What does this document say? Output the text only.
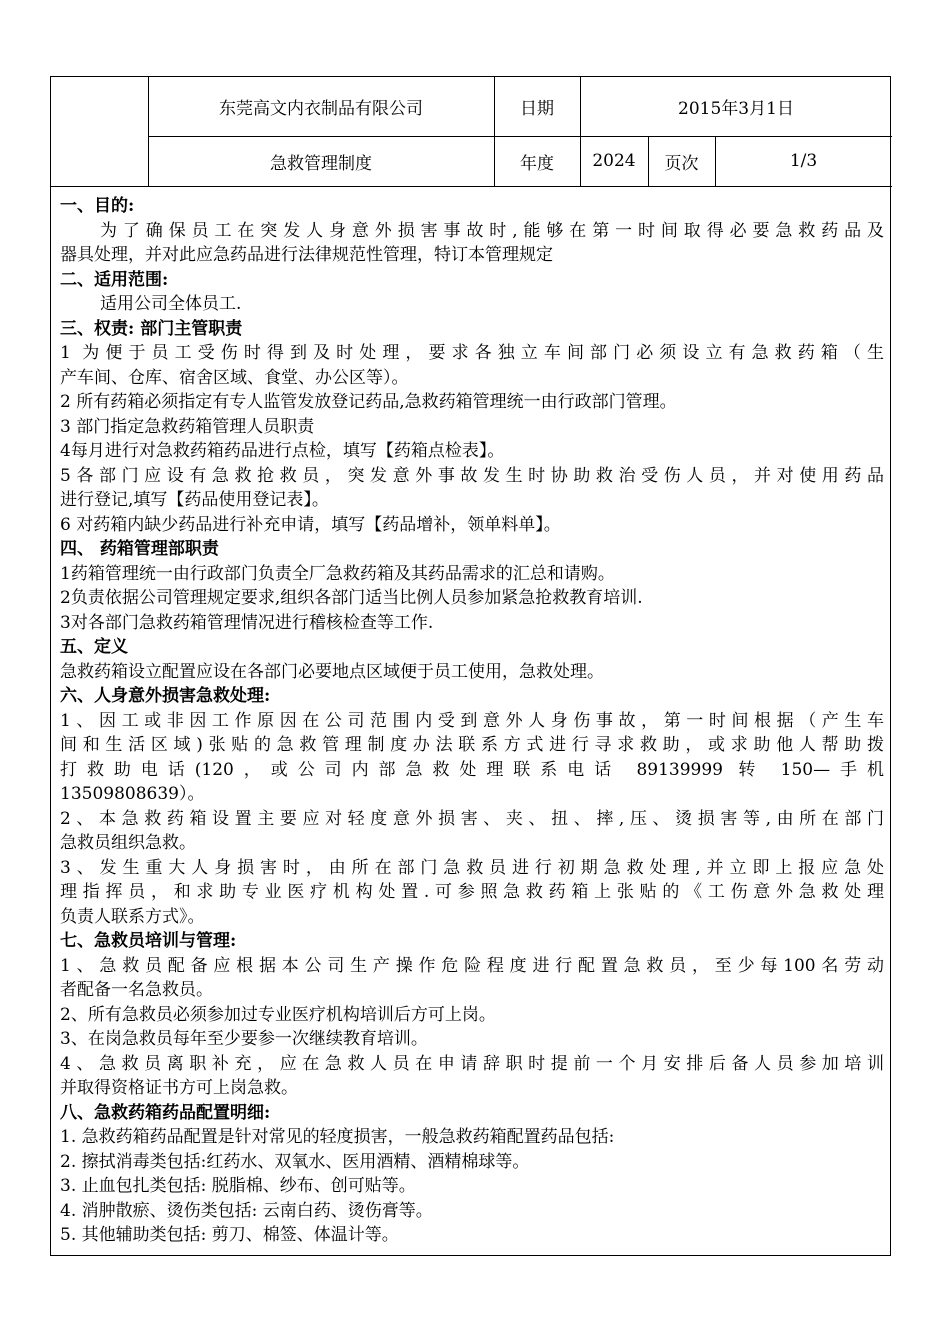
东莞高文内衣制品有限公司	日期	2015年3月1日
急救管理制度	年度	2024	页次	1/3

一、目的:

为了确保员工在突发人身意外损害事故时,能够在第一时间取得必要急救药品及

器具处理，并对此应急药品进行法律规范性管理，特订本管理规定

二、适用范围:

适用公司全体员工.

三、权责: 部门主管职责

1 为便于员工受伤时得到及时处理，要求各独立车间部门必须设立有急救药箱（生

产车间、仓库、宿舍区域、食堂、办公区等）。

2 所有药箱必须指定有专人监管发放登记药品,急救药箱管理统一由行政部门管理。

3 部门指定急救药箱管理人员职责

4每月进行对急救药箱药品进行点检，填写【药箱点检表】。

5各部门应设有急救抢救员，突发意外事故发生时协助救治受伤人员，并对使用药品

进行登记,填写【药品使用登记表】。

6 对药箱内缺少药品进行补充申请，填写【药品增补，领单料单】。

四、 药箱管理部职责

1药箱管理统一由行政部门负责全厂急救药箱及其药品需求的汇总和请购。

2负责依据公司管理规定要求,组织各部门适当比例人员参加紧急抢救教育培训.

3对各部门急救药箱管理情况进行稽核检查等工作.

五、定义

急救药箱设立配置应设在各部门必要地点区域便于员工使用，急救处理。

六、人身意外损害急救处理:

1、因工或非因工作原因在公司范围内受到意外人身伤事故，第一时间根据（产生车

间和生活区域)张贴的急救管理制度办法联系方式进行寻求救助，或求助他人帮助拨

打救助电话(120，或公司内部急救处理联系电话 89139999 转 150—手机

13509808639）。

2、本急救药箱设置主要应对轻度意外损害、夹、扭、摔,压、烫损害等,由所在部门

急救员组织急救。

3、发生重大人身损害时，由所在部门急救员进行初期急救处理,并立即上报应急处

理指挥员，和求助专业医疗机构处置.可参照急救药箱上张贴的《工伤意外急救处理

负责人联系方式》。

七、急救员培训与管理:

1、急救员配备应根据本公司生产操作危险程度进行配置急救员，至少每100名劳动

者配备一名急救员。

2、所有急救员必须参加过专业医疗机构培训后方可上岗。

3、在岗急救员每年至少要参一次继续教育培训。

4、急救员离职补充，应在急救人员在申请辞职时提前一个月安排后备人员参加培训

并取得资格证书方可上岗急救。

八、急救药箱药品配置明细:

1. 急救药箱药品配置是针对常见的轻度损害，一般急救药箱配置药品包括:

2. 擦拭消毒类包括:红药水、双氧水、医用酒精、酒精棉球等。

3. 止血包扎类包括: 脱脂棉、纱布、创可贴等。

4. 消肿散瘀、烫伤类包括: 云南白药、烫伤膏等。

5. 其他辅助类包括: 剪刀、棉签、体温计等。
